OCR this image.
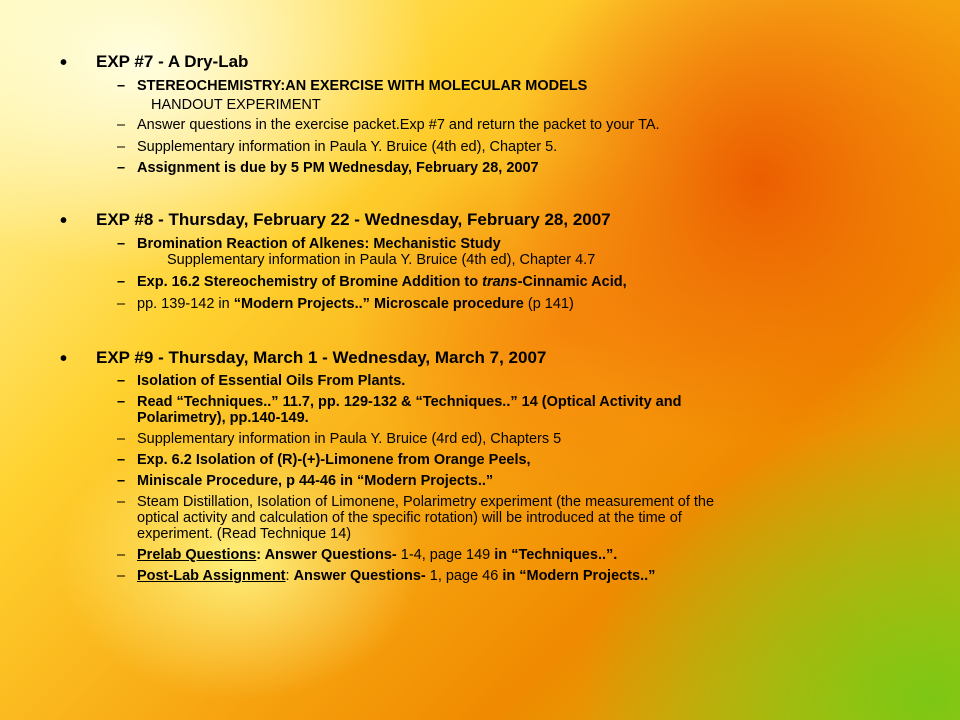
• EXP #7 - A Dry-Lab
– STEREOCHEMISTRY:AN EXERCISE WITH MOLECULAR MODELS
HANDOUT EXPERIMENT
– Answer questions in the exercise packet.Exp #7 and return the packet to your TA.
– Supplementary information in Paula Y. Bruice (4th ed), Chapter 5.
– Assignment is due by 5 PM Wednesday, February 28, 2007
• EXP #8 - Thursday, February 22 - Wednesday, February 28, 2007
– Bromination Reaction of Alkenes: Mechanistic Study
Supplementary information in Paula Y. Bruice (4th ed), Chapter 4.7
– Exp. 16.2 Stereochemistry of Bromine Addition to trans-Cinnamic Acid,
– pp. 139-142 in “Modern Projects..” Microscale procedure (p 141)
• EXP #9 - Thursday, March 1 - Wednesday, March 7, 2007
– Isolation of Essential Oils From Plants.
– Read “Techniques..” 11.7, pp. 129-132 & “Techniques..” 14 (Optical Activity and
Polarimetry), pp.140-149.
– Supplementary information in Paula Y. Bruice (4rd ed), Chapters 5
– Exp. 6.2 Isolation of (R)-(+)-Limonene from Orange Peels,
– Miniscale Procedure, p 44-46 in “Modern Projects..”
– Steam Distillation, Isolation of Limonene, Polarimetry experiment (the measurement of the
optical activity and calculation of the specific rotation) will be introduced at the time of
experiment. (Read Technique 14)
– Prelab Questions: Answer Questions- 1-4, page 149 in “Techniques..”.
– Post-Lab Assignment: Answer Questions- 1, page 46 in “Modern Projects..”
